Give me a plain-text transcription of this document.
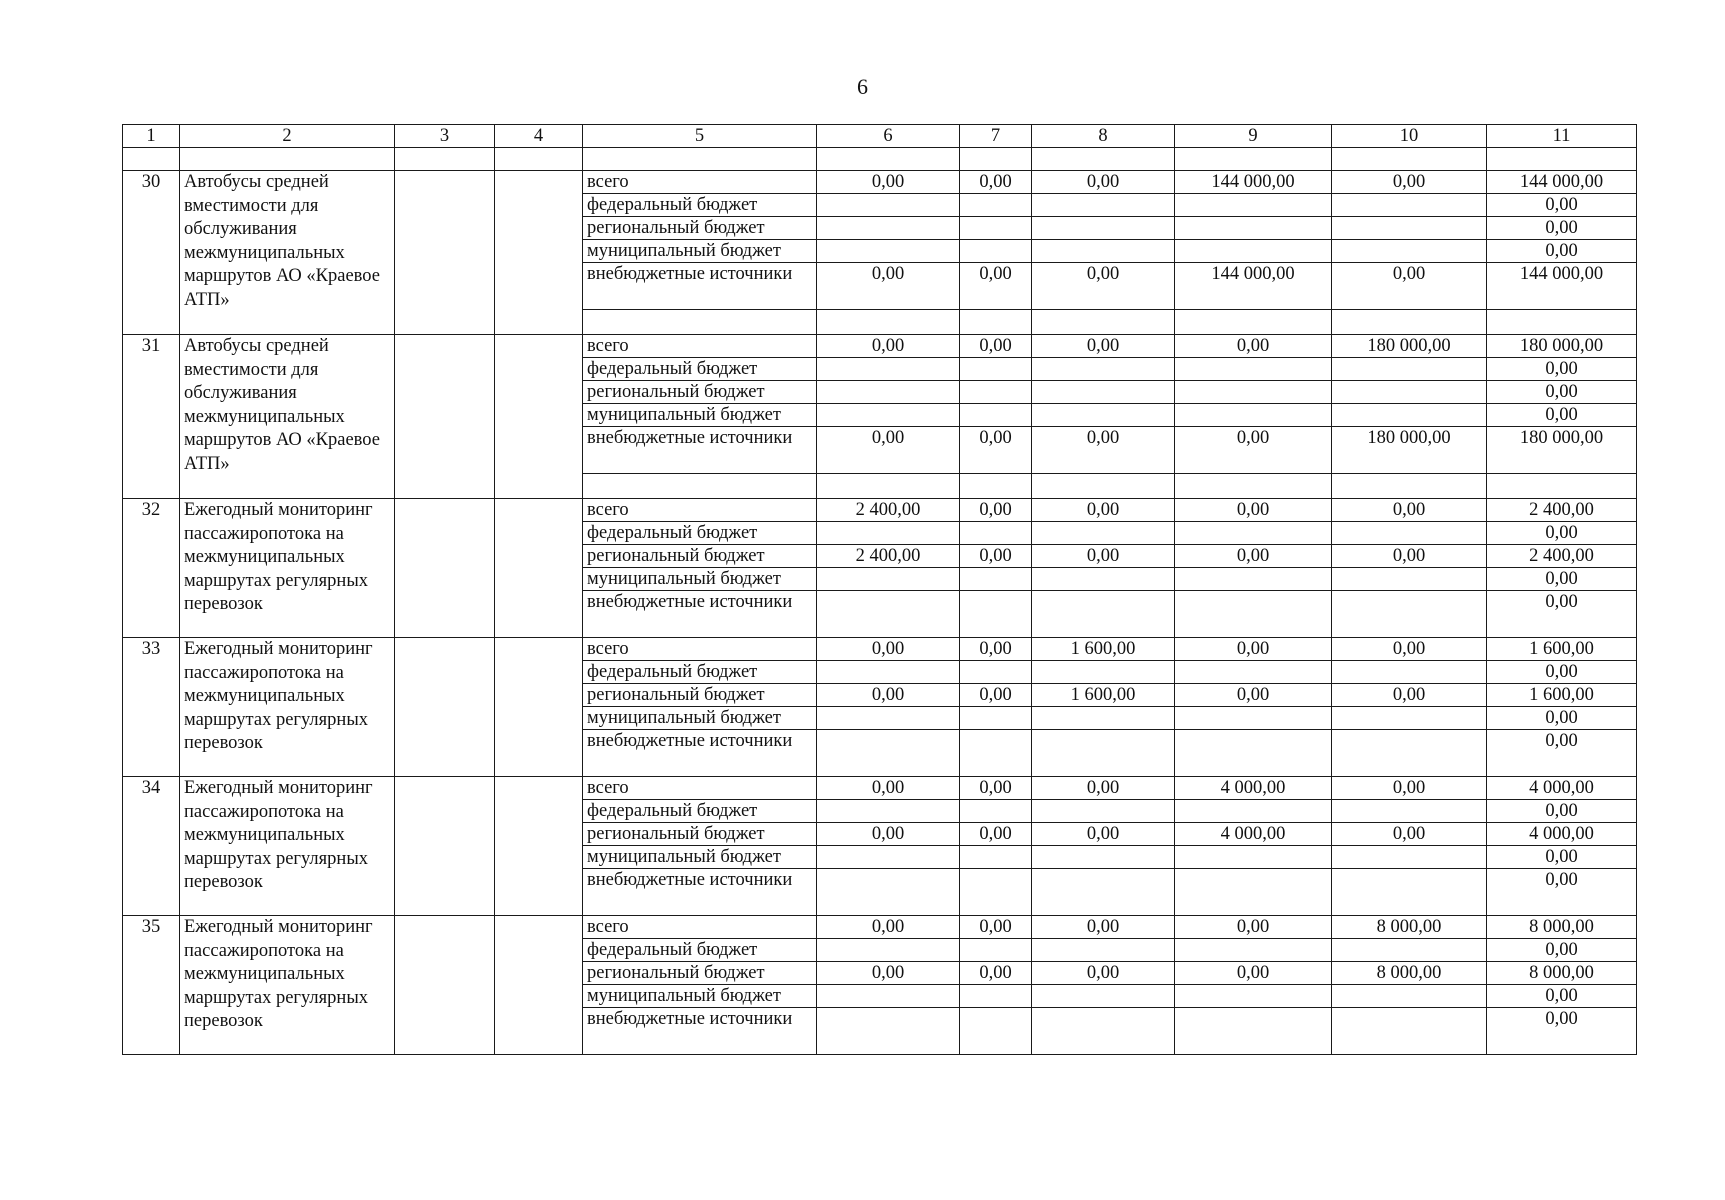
6
1	2	3	4	5	6	7	8	9	10	11

30	Автобусы средней вместимости для обслуживания межмуниципальных маршрутов АО «Краевое АТП»			всего	0,00	0,00	0,00	144 000,00	0,00	144 000,00
				федеральный бюджет						0,00
				региональный бюджет						0,00
				муниципальный бюджет						0,00
				внебюджетные источники	0,00	0,00	0,00	144 000,00	0,00	144 000,00

31	Автобусы средней вместимости для обслуживания межмуниципальных маршрутов АО «Краевое АТП»			всего	0,00	0,00	0,00	0,00	180 000,00	180 000,00
				федеральный бюджет						0,00
				региональный бюджет						0,00
				муниципальный бюджет						0,00
				внебюджетные источники	0,00	0,00	0,00	0,00	180 000,00	180 000,00

32	Ежегодный мониторинг пассажиропотока на межмуниципальных маршрутах регулярных перевозок			всего	2 400,00	0,00	0,00	0,00	0,00	2 400,00
				федеральный бюджет						0,00
				региональный бюджет	2 400,00	0,00	0,00	0,00	0,00	2 400,00
				муниципальный бюджет						0,00
				внебюджетные источники						0,00
33	Ежегодный мониторинг пассажиропотока на межмуниципальных маршрутах регулярных перевозок			всего	0,00	0,00	1 600,00	0,00	0,00	1 600,00
				федеральный бюджет						0,00
				региональный бюджет	0,00	0,00	1 600,00	0,00	0,00	1 600,00
				муниципальный бюджет						0,00
				внебюджетные источники						0,00
34	Ежегодный мониторинг пассажиропотока на межмуниципальных маршрутах регулярных перевозок			всего	0,00	0,00	0,00	4 000,00	0,00	4 000,00
				федеральный бюджет						0,00
				региональный бюджет	0,00	0,00	0,00	4 000,00	0,00	4 000,00
				муниципальный бюджет						0,00
				внебюджетные источники						0,00
35	Ежегодный мониторинг пассажиропотока на межмуниципальных маршрутах регулярных перевозок			всего	0,00	0,00	0,00	0,00	8 000,00	8 000,00
				федеральный бюджет						0,00
				региональный бюджет	0,00	0,00	0,00	0,00	8 000,00	8 000,00
				муниципальный бюджет						0,00
				внебюджетные источники						0,00
